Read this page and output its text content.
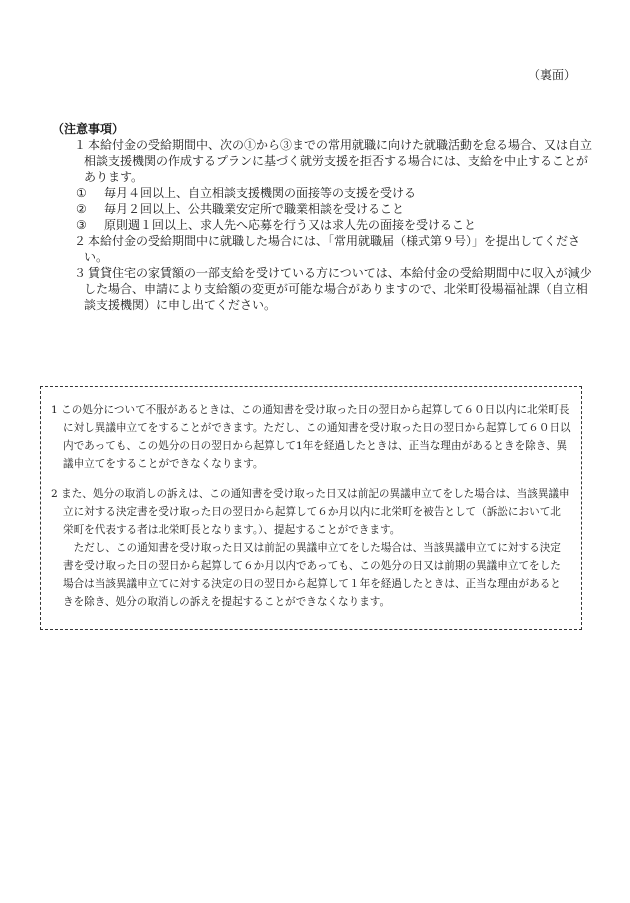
（裏面）
（注意事項）
１ 本給付金の受給期間中、次の①から③までの常用就職に向けた就職活動を怠る場合、又は自立相談支援機関の作成するプランに基づく就労支援を拒否する場合には、支給を中止することがあります。
① 毎月４回以上、自立相談支援機関の面接等の支援を受ける
② 毎月２回以上、公共職業安定所で職業相談を受けること
③ 原則週１回以上、求人先へ応募を行う又は求人先の面接を受けること
２ 本給付金の受給期間中に就職した場合には、「常用就職届（様式第９号）」を提出してください。
３ 賃貸住宅の家賃額の一部支給を受けている方については、本給付金の受給期間中に収入が減少した場合、申請により支給額の変更が可能な場合がありますので、北栄町役場福祉課（自立相談支援機関）に申し出てください。
1 この処分について不服があるときは、この通知書を受け取った日の翌日から起算して６０日以内に北栄町長に対し異議申立てをすることができます。ただし、この通知書を受け取った日の翌日から起算して６０日以内であっても、この処分の日の翌日から起算して1年を経過したときは、正当な理由があるときを除き、異議申立てをすることができなくなります。
2 また、処分の取消しの訴えは、この通知書を受け取った日又は前記の異議申立てをした場合は、当該異議申立に対する決定書を受け取った日の翌日から起算して６か月以内に北栄町を被告として（訴訟において北栄町を代表する者は北栄町長となります。）、提起することができます。
ただし、この通知書を受け取った日又は前記の異議申立てをした場合は、当該異議申立てに対する決定書を受け取った日の翌日から起算して６か月以内であっても、この処分の日又は前期の異議申立てをした場合は当該異議申立てに対する決定の日の翌日から起算して１年を経過したときは、正当な理由があるときを除き、処分の取消しの訴えを提起することができなくなります。
